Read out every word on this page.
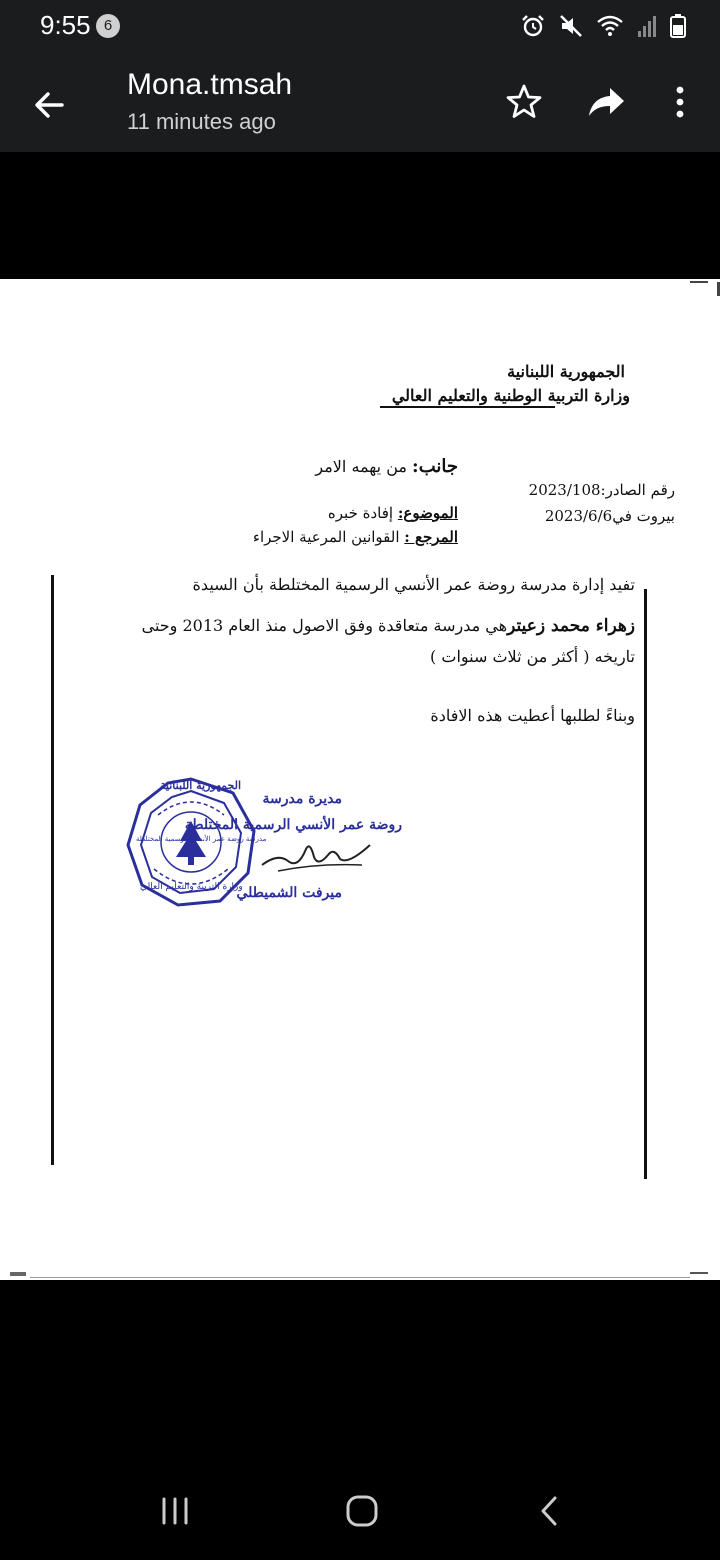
9:55 6
Mona.tmsah
11 minutes ago
الجمهورية اللبنانية
وزارة التربية الوطنية والتعليم العالي
جانب: من يهمه الامر
رقم الصادر:2023/108
بيروت في2023/6/6
الموضوع: إفادة خبره
المرجع : القوانين المرعية الاجراء
تفيد إدارة مدرسة روضة عمر الأنسي الرسمية المختلطة بأن السيدة
زهراء محمد زعيترهي مدرسة متعاقدة وفق الاصول منذ العام 2013 وحتى
تاريخه ( أكثر من ثلاث سنوات )
وبناءً لطلبها أعطيت هذه الافادة
الجمهورية اللبنانية
مدرسة روضة عمر الأنسي الرسمية المختلطة
وزارة التربية والتعليم العالي
مديرة مدرسة
روضة عمر الأنسي الرسمية المختلطة
ميرفت الشميطلي
